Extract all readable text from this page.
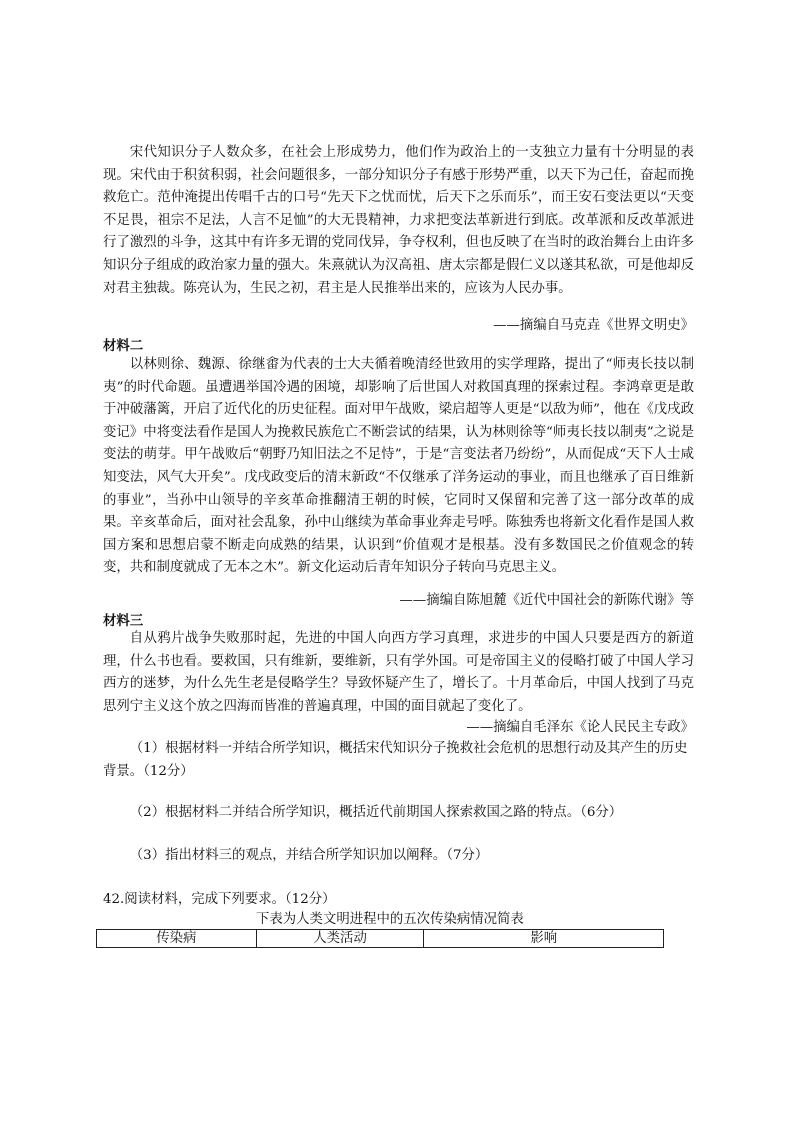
宋代知识分子人数众多，在社会上形成势力，他们作为政治上的一支独立力量有十分明显的表现。宋代由于积贫积弱，社会问题很多，一部分知识分子有感于形势严重，以天下为己任，奋起而挽救危亡。范仲淹提出传唱千古的口号“先天下之忧而忧，后天下之乐而乐”，而王安石变法更以“天变不足畏，祖宗不足法，人言不足恤”的大无畏精神，力求把变法革新进行到底。改革派和反改革派进行了激烈的斗争，这其中有许多无谓的党同伐异，争夺权利，但也反映了在当时的政治舞台上由许多知识分子组成的政治家力量的强大。朱熹就认为汉高祖、唐太宗都是假仁义以遂其私欲，可是他却反对君主独裁。陈亮认为，生民之初，君主是人民推举出来的，应该为人民办事。

——摘编自马克垚《世界文明史》

材料二

以林则徐、魏源、徐继畬为代表的士大夫循着晚清经世致用的实学理路，提出了“师夷长技以制夷”的时代命题。虽遭遇举国冷遇的困境，却影响了后世国人对救国真理的探索过程。李鸿章更是敢于冲破藩篱，开启了近代化的历史征程。面对甲午战败，梁启超等人更是“以敌为师”，他在《戊戌政变记》中将变法看作是国人为挽救民族危亡不断尝试的结果，认为林则徐等“师夷长技以制夷”之说是变法的萌芽。甲午战败后“朝野乃知旧法之不足恃”，于是“言变法者乃纷纷”，从而促成“天下人士咸知变法，风气大开矣”。戊戌政变后的清末新政“不仅继承了洋务运动的事业，而且也继承了百日维新的事业”，当孙中山领导的辛亥革命推翻清王朝的时候，它同时又保留和完善了这一部分改革的成果。辛亥革命后，面对社会乱象，孙中山继续为革命事业奔走号呼。陈独秀也将新文化看作是国人救国方案和思想启蒙不断走向成熟的结果，认识到“价值观才是根基。没有多数国民之价值观念的转变，共和制度就成了无本之木”。新文化运动后青年知识分子转向马克思主义。

——摘编自陈旭麓《近代中国社会的新陈代谢》等

材料三

自从鸦片战争失败那时起，先进的中国人向西方学习真理，求进步的中国人只要是西方的新道理，什么书也看。要救国，只有维新，要维新，只有学外国。可是帝国主义的侵略打破了中国人学习西方的迷梦，为什么先生老是侵略学生？导致怀疑产生了，增长了。十月革命后，中国人找到了马克思列宁主义这个放之四海而皆准的普遍真理，中国的面目就起了变化了。

——摘编自毛泽东《论人民民主专政》

（1）根据材料一并结合所学知识，概括宋代知识分子挽救社会危机的思想行动及其产生的历史背景。（12分）

（2）根据材料二并结合所学知识，概括近代前期国人探索救国之路的特点。（6分）

（3）指出材料三的观点，并结合所学知识加以阐释。（7分）

42.阅读材料，完成下列要求。（12分）

下表为人类文明进程中的五次传染病情况简表

传染病	人类活动	影响
